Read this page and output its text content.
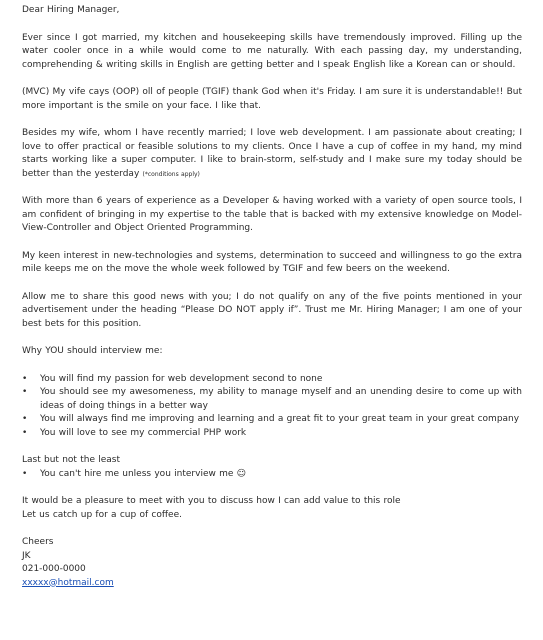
Dear Hiring Manager,

Ever since I got married, my kitchen and housekeeping skills have tremendously improved. Filling up the water cooler once in a while would come to me naturally. With each passing day, my understanding, comprehending & writing skills in English are getting better and I speak English like a Korean can or should.

(MVC) My vife cays (OOP) oll of people (TGIF) thank God when it's Friday. I am sure it is understandable!! But more important is the smile on your face. I like that.

Besides my wife, whom I have recently married; I love web development. I am passionate about creating; I love to offer practical or feasible solutions to my clients. Once I have a cup of coffee in my hand, my mind starts working like a super computer. I like to brain-storm, self-study and I make sure my today should be better than the yesterday (*conditions apply)

With more than 6 years of experience as a Developer & having worked with a variety of open source tools, I am confident of bringing in my expertise to the table that is backed with my extensive knowledge on Model-View-Controller and Object Oriented Programming.

My keen interest in new-technologies and systems, determination to succeed and willingness to go the extra mile keeps me on the move the whole week followed by TGIF and few beers on the weekend.

Allow me to share this good news with you; I do not qualify on any of the five points mentioned in your advertisement under the heading “Please DO NOT apply if”. Trust me Mr. Hiring Manager; I am one of your best bets for this position.

Why YOU should interview me:

• You will find my passion for web development second to none
• You should see my awesomeness, my ability to manage myself and an unending desire to come up with ideas of doing things in a better way
• You will always find me improving and learning and a great fit to your great team in your great company
• You will love to see my commercial PHP work

Last but not the least

• You can't hire me unless you interview me ☺

It would be a pleasure to meet with you to discuss how I can add value to this role
Let us catch up for a cup of coffee.

Cheers
JK
021-000-0000
xxxxx@hotmail.com
